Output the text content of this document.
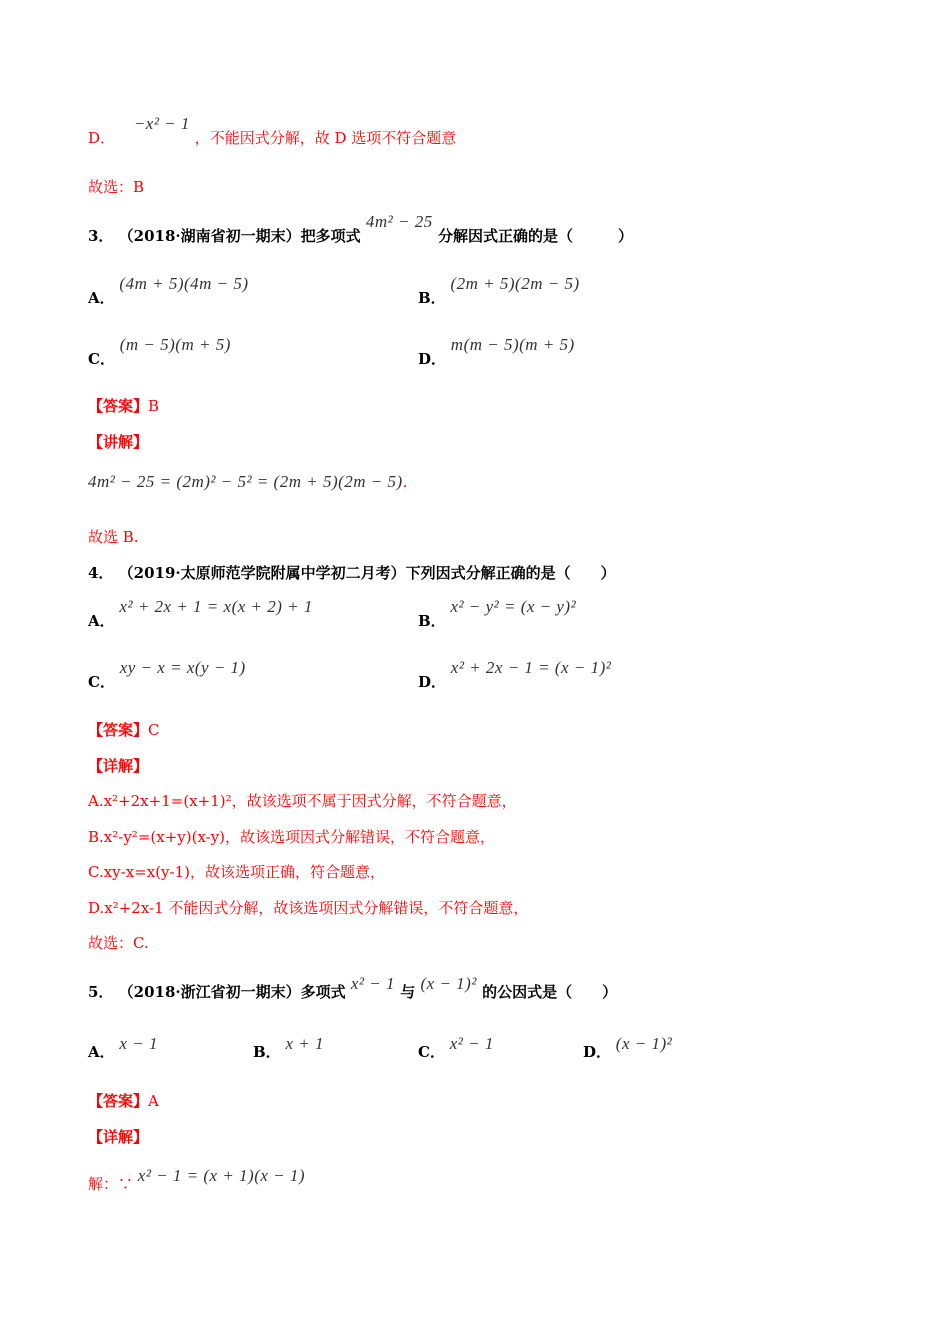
D． −x² − 1 ，不能因式分解，故 D 选项不符合题意
故选：B
3． （2018·湖南省初一期末）把多项式 4m² − 25 分解因式正确的是（　　　）
A． (4m + 5)(4m − 5)
B． (2m + 5)(2m − 5)
C． (m − 5)(m + 5)
D． m(m − 5)(m + 5)
【答案】B
【讲解】
4m² − 25 = (2m)² − 5² = (2m + 5)(2m − 5).
故选 B.
4． （2019·太原师范学院附属中学初二月考）下列因式分解正确的是（　　）
A． x² + 2x + 1 = x(x + 2) + 1
B． x² − y² = (x − y)²
C． xy − x = x(y − 1)
D． x² + 2x − 1 = (x − 1)²
【答案】C
【详解】
A.x²+2x+1=(x+1)²，故该选项不属于因式分解，不符合题意，
B.x²-y²=(x+y)(x-y)，故该选项因式分解错误，不符合题意，
C.xy-x=x(y-1)，故该选项正确，符合题意，
D.x²+2x-1 不能因式分解，故该选项因式分解错误，不符合题意，
故选：C.
5． （2018·浙江省初一期末）多项式 x² − 1 与 (x − 1)² 的公因式是（　　）
A． x − 1	B． x + 1	C． x² − 1	D． (x − 1)²
【答案】A
【详解】
解：∵ x² − 1 = (x + 1)(x − 1)
